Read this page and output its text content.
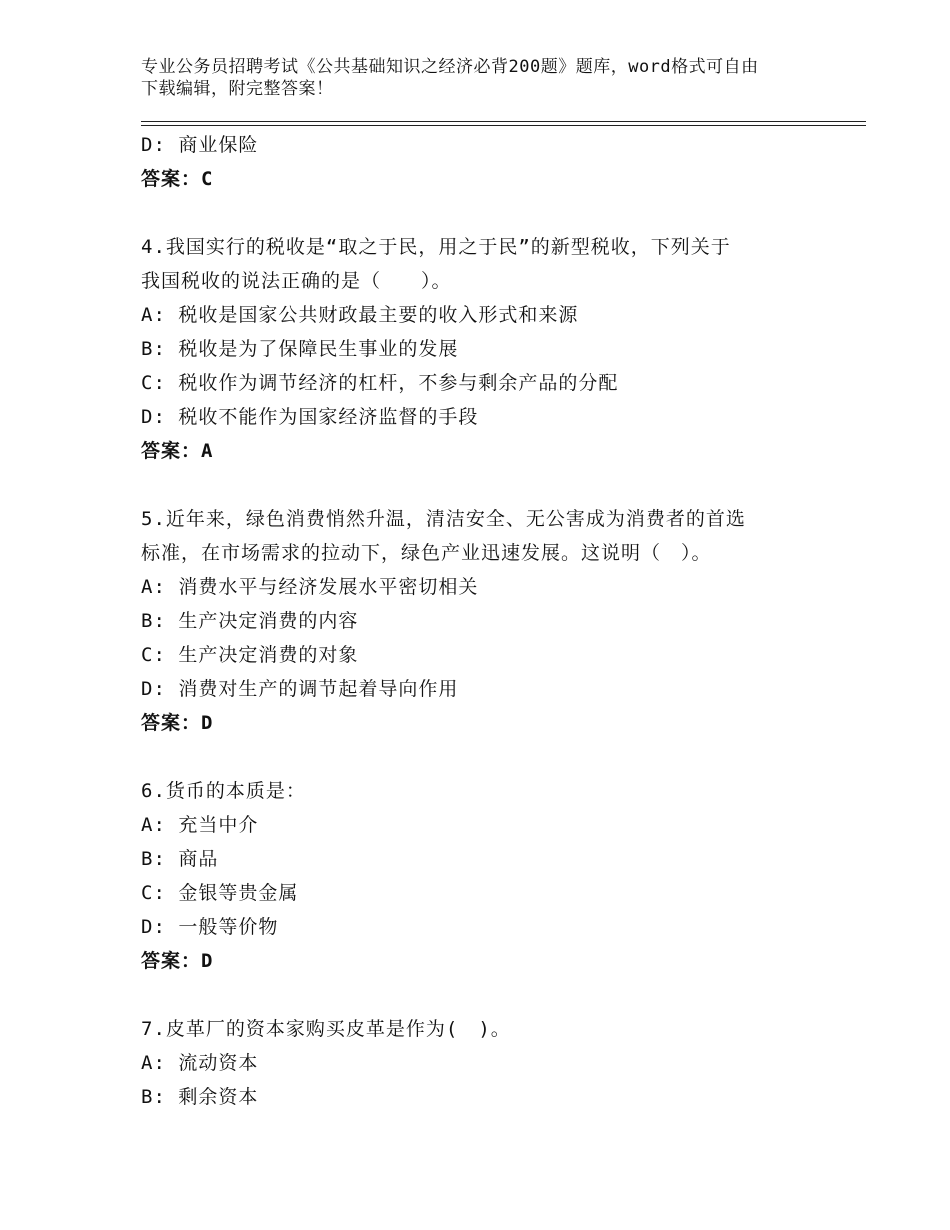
专业公务员招聘考试《公共基础知识之经济必背200题》题库，word格式可自由
下载编辑，附完整答案！
D: 商业保险
答案：C
4.我国实行的税收是“取之于民，用之于民”的新型税收，下列关于
我国税收的说法正确的是（　　）。
A: 税收是国家公共财政最主要的收入形式和来源
B: 税收是为了保障民生事业的发展
C: 税收作为调节经济的杠杆，不参与剩余产品的分配
D: 税收不能作为国家经济监督的手段
答案：A
5.近年来，绿色消费悄然升温，清洁安全、无公害成为消费者的首选
标准，在市场需求的拉动下，绿色产业迅速发展。这说明（　）。
A: 消费水平与经济发展水平密切相关
B: 生产决定消费的内容
C: 生产决定消费的对象
D: 消费对生产的调节起着导向作用
答案：D
6.货币的本质是：
A: 充当中介
B: 商品
C: 金银等贵金属
D: 一般等价物
答案：D
7.皮革厂的资本家购买皮革是作为(　)。
A: 流动资本
B: 剩余资本
